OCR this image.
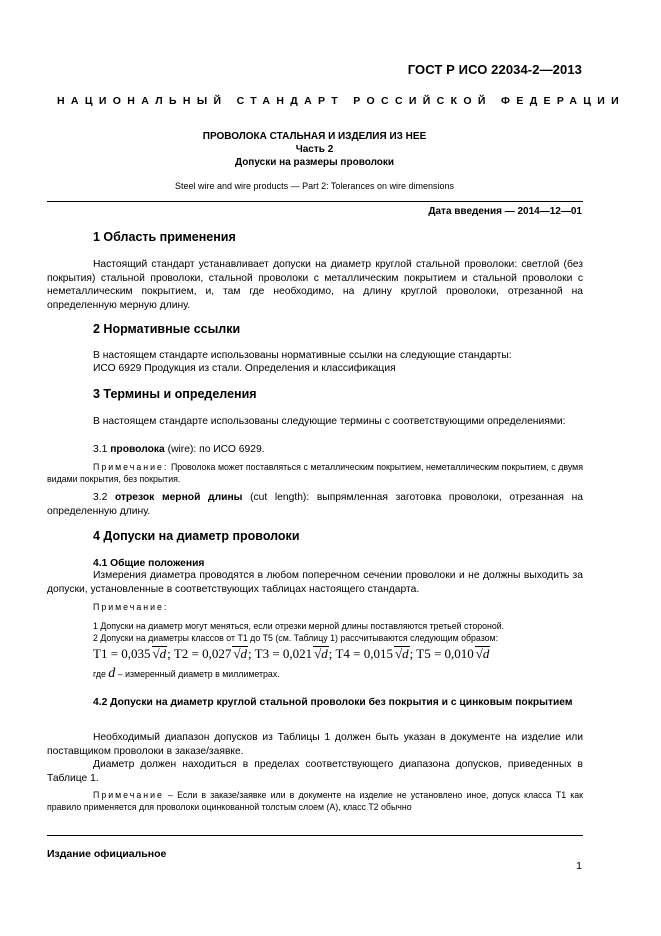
ГОСТ Р ИСО 22034-2—2013
НАЦИОНАЛЬНЫЙ СТАНДАРТ РОССИЙСКОЙ ФЕДЕРАЦИИ
ПРОВОЛОКА СТАЛЬНАЯ И ИЗДЕЛИЯ ИЗ НЕЕ
Часть 2
Допуски на размеры проволоки
Steel wire and wire products — Part 2: Tolerances on wire dimensions
Дата введения — 2014—12—01
1 Область применения
Настоящий стандарт устанавливает допуски на диаметр круглой стальной проволоки: светлой (без покрытия) стальной проволоки, стальной проволоки с металлическим покрытием и стальной проволоки с неметаллическим покрытием, и, там где необходимо, на длину круглой проволоки, отрезанной на определенную мерную длину.
2 Нормативные ссылки
В настоящем стандарте использованы нормативные ссылки на следующие стандарты:
ИСО 6929 Продукция из стали. Определения и классификация
3 Термины и определения
В настоящем стандарте использованы следующие термины с соответствующими определениями:
3.1 проволока (wire): по ИСО 6929.
Примечание: Проволока может поставляться с металлическим покрытием, неметаллическим покрытием, с двумя видами покрытия, без покрытия.
3.2 отрезок мерной длины (cut length): выпрямленная заготовка проволоки, отрезанная на определенную длину.
4 Допуски на диаметр проволоки
4.1 Общие положения
Измерения диаметра проводятся в любом поперечном сечении проволоки и не должны выходить за допуски, установленные в соответствующих таблицах настоящего стандарта.
Примечание:
1 Допуски на диаметр могут меняться, если отрезки мерной длины поставляются третьей стороной.
2 Допуски на диаметры классов от Т1 до Т5 (см. Таблицу 1) рассчитываются следующим образом:
T1 = 0,035 √d; T2 = 0,027 √d; T3 = 0,021 √d; T4 = 0,015 √d; T5 = 0,010 √d
где d – измеренный диаметр в миллиметрах.
4.2 Допуски на диаметр круглой стальной проволоки без покрытия и с цинковым покрытием
Необходимый диапазон допусков из Таблицы 1 должен быть указан в документе на изделие или поставщиком проволоки в заказе/заявке.
Диаметр должен находиться в пределах соответствующего диапазона допусков, приведенных в Таблице 1.
Примечание – Если в заказе/заявке или в документе на изделие не установлено иное, допуск класса Т1 как правило применяется для проволоки оцинкованной толстым слоем (А), класс Т2 обычно
Издание официальное
1
